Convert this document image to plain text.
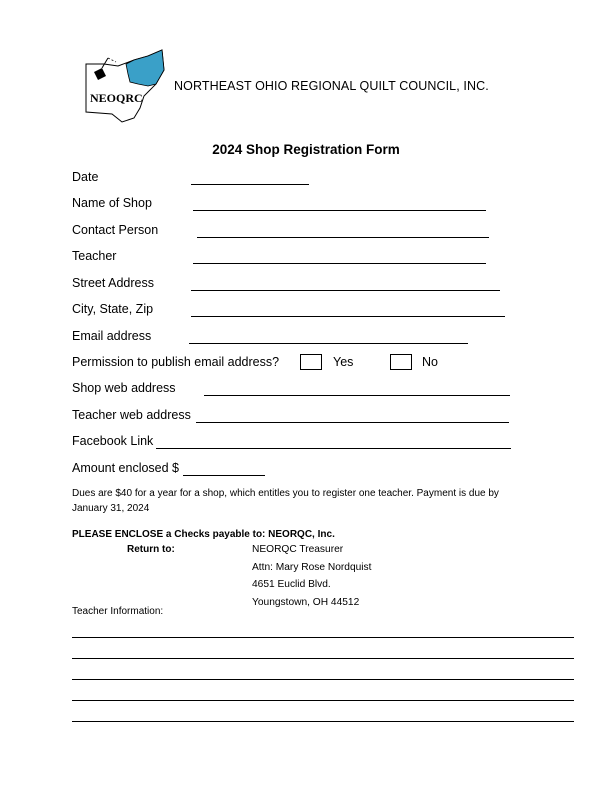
NEOQRC
NORTHEAST OHIO REGIONAL QUILT COUNCIL, INC.
2024 Shop Registration Form
Date
Name of Shop
Contact Person
Teacher
Street Address
City, State, Zip
Email address
Permission to publish email address?	Yes	No
Shop web address
Teacher web address
Facebook Link
Amount enclosed $
Dues are $40 for a year for a shop, which entitles you to register one teacher. Payment is due by
January 31, 2024
PLEASE ENCLOSE a Checks payable to: NEORQC, Inc.
Return to:	NEORQC Treasurer
Attn: Mary Rose Nordquist
4651 Euclid Blvd.
Youngstown, OH 44512
Teacher Information:
